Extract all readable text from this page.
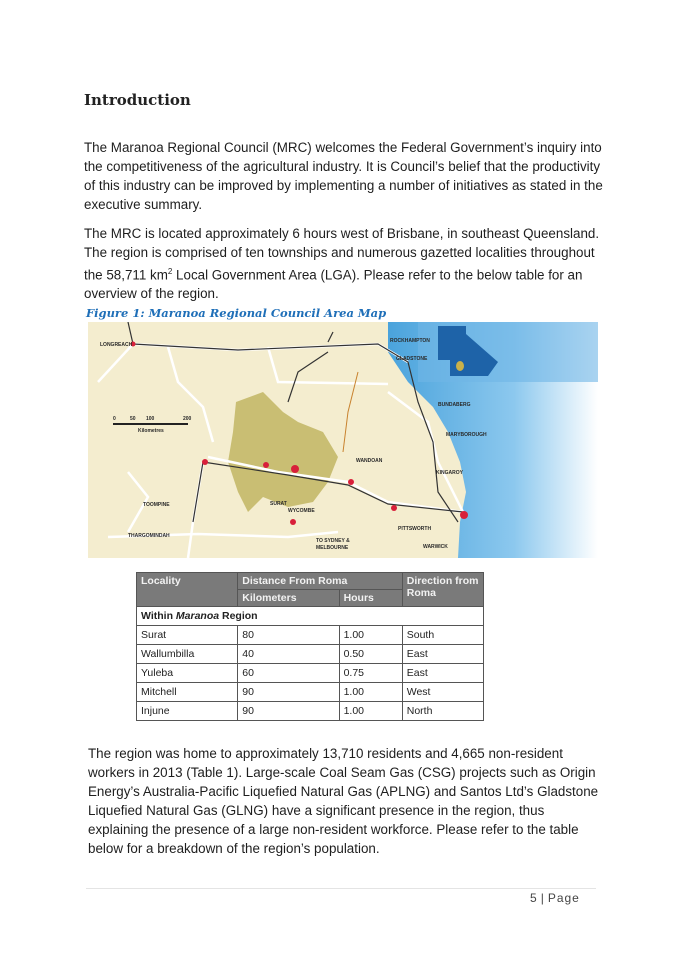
Introduction
The Maranoa Regional Council (MRC) welcomes the Federal Government’s inquiry into the competitiveness of the agricultural industry. It is Council’s belief that the productivity of this industry can be improved by implementing a number of initiatives as stated in the executive summary.
The MRC is located approximately 6 hours west of Brisbane, in southeast Queensland. The region is comprised of ten townships and numerous gazetted localities throughout the 58,711 $km^2$ Local Government Area (LGA). Please refer to the below table for an overview of the region.
Figure 1: Maranoa Regional Council Area Map
0	50 100	200
Kilometres
LONGREACH
ROCKHAMPTON
GLADSTONE
BUNDABERG
MARYBOROUGH
KINGAROY
PITTSWORTH
WARWICK
TOOMPINE
THARGOMINDAH
SURAT
WYCOMBE
WANDOAN
TO SYDNEY &
MELBOURNE
Locality	Distance From Roma		Direction from Roma
	Kilometers	Hours	
Within Maranoa Region			
Surat	80	1.00	South
Wallumbilla	40	0.50	East
Yuleba	60	0.75	East
Mitchell	90	1.00	West
Injune	90	1.00	North
The region was home to approximately 13,710 residents and 4,665 non-resident workers in 2013 (Table 1). Large-scale Coal Seam Gas (CSG) projects such as Origin Energy’s Australia-Pacific Liquefied Natural Gas (APLNG) and Santos Ltd’s Gladstone Liquefied Natural Gas (GLNG) have a significant presence in the region, thus explaining the presence of a large non-resident workforce. Please refer to the table below for a breakdown of the region’s population.
5 | Page
